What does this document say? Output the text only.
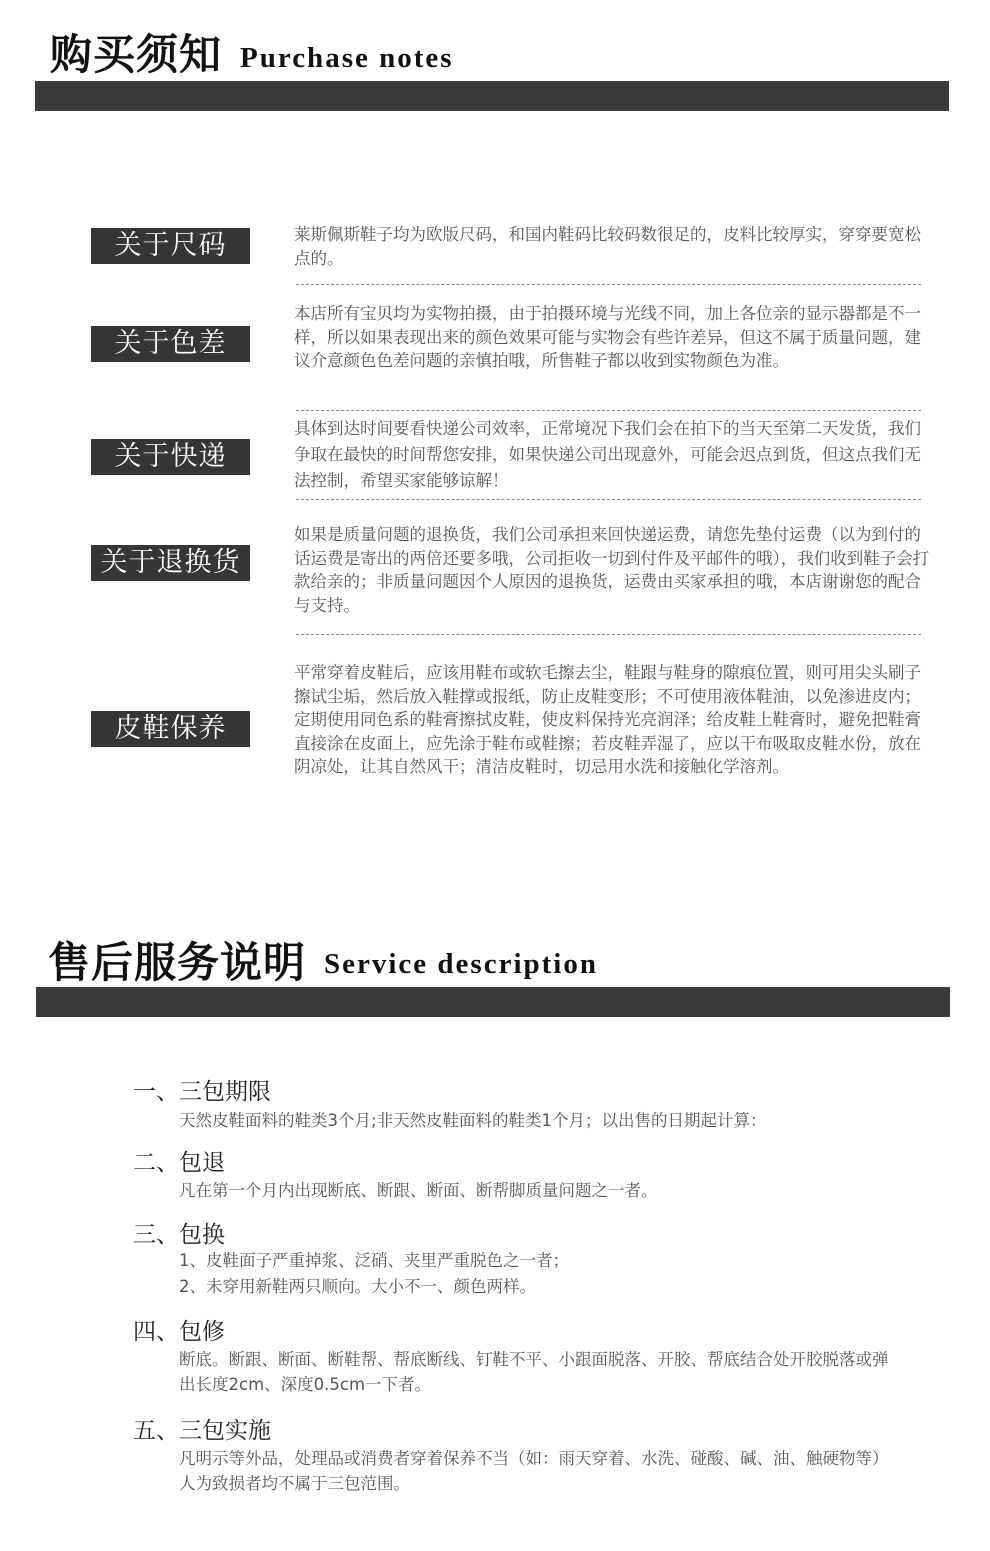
购买须知 Purchase notes
关于尺码	莱斯佩斯鞋子均为欧版尺码，和国内鞋码比较码数很足的，皮料比较厚实，穿穿要宽松点的。
关于色差
本店所有宝贝均为实物拍摄，由于拍摄环境与光线不同，加上各位亲的显示器都是不一样，所以如果表现出来的颜色效果可能与实物会有些许差异，但这不属于质量问题，建议介意颜色色差问题的亲慎拍哦，所售鞋子都以收到实物颜色为准。
关于快递
具体到达时间要看快递公司效率，正常境况下我们会在拍下的当天至第二天发货，我们争取在最快的时间帮您安排，如果快递公司出现意外，可能会迟点到货，但这点我们无法控制，希望买家能够谅解！
关于退换货
如果是质量问题的退换货，我们公司承担来回快递运费，请您先垫付运费（以为到付的话运费是寄出的两倍还要多哦，公司拒收一切到付件及平邮件的哦），我们收到鞋子会打款给亲的；非质量问题因个人原因的退换货，运费由买家承担的哦，本店谢谢您的配合与支持。
皮鞋保养
平常穿着皮鞋后，应该用鞋布或软毛擦去尘，鞋跟与鞋身的隙痕位置，则可用尖头刷子擦试尘垢，然后放入鞋撑或报纸，防止皮鞋变形；不可使用液体鞋油，以免渗进皮内；定期使用同色系的鞋膏擦拭皮鞋，使皮料保持光亮润泽；给皮鞋上鞋膏时，避免把鞋膏直接涂在皮面上，应先涂于鞋布或鞋擦；若皮鞋弄湿了，应以干布吸取皮鞋水份，放在阴凉处，让其自然风干；清洁皮鞋时，切忌用水洗和接触化学溶剂。
售后服务说明 Service description
一、三包期限
天然皮鞋面料的鞋类3个月;非天然皮鞋面料的鞋类1个月；以出售的日期起计算：
二、包退
凡在第一个月内出现断底、断跟、断面、断帮脚质量问题之一者。
三、包换
1、皮鞋面子严重掉浆、泛硝、夹里严重脱色之一者；
2、未穿用新鞋两只顺向。大小不一、颜色两样。
四、包修
断底。断跟、断面、断鞋帮、帮底断线、钉鞋不平、小跟面脱落、开胶、帮底结合处开胶脱落或弹出长度2cm、深度0.5cm一下者。
五、三包实施
凡明示等外品，处理品或消费者穿着保养不当（如：雨天穿着、水洗、碰酸、碱、油、触硬物等）人为致损者均不属于三包范围。
